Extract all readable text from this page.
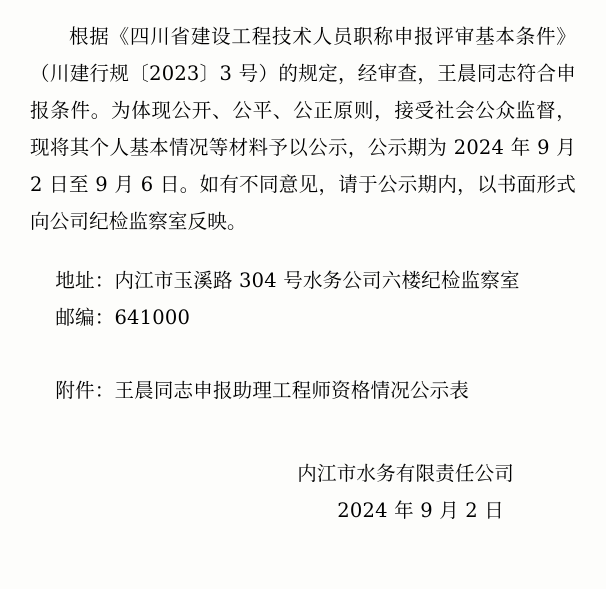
根据《四川省建设工程技术人员职称申报评审基本条件》（川建行规〔2023〕3 号）的规定，经审查，王晨同志符合申报条件。为体现公开、公平、公正原则，接受社会公众监督，现将其个人基本情况等材料予以公示，公示期为 2024 年 9 月 2 日至 9 月 6 日。如有不同意见，请于公示期内，以书面形式向公司纪检监察室反映。

地址：内江市玉溪路 304 号水务公司六楼纪检监察室

邮编：641000

附件：王晨同志申报助理工程师资格情况公示表

内江市水务有限责任公司

2024 年 9 月 2 日
